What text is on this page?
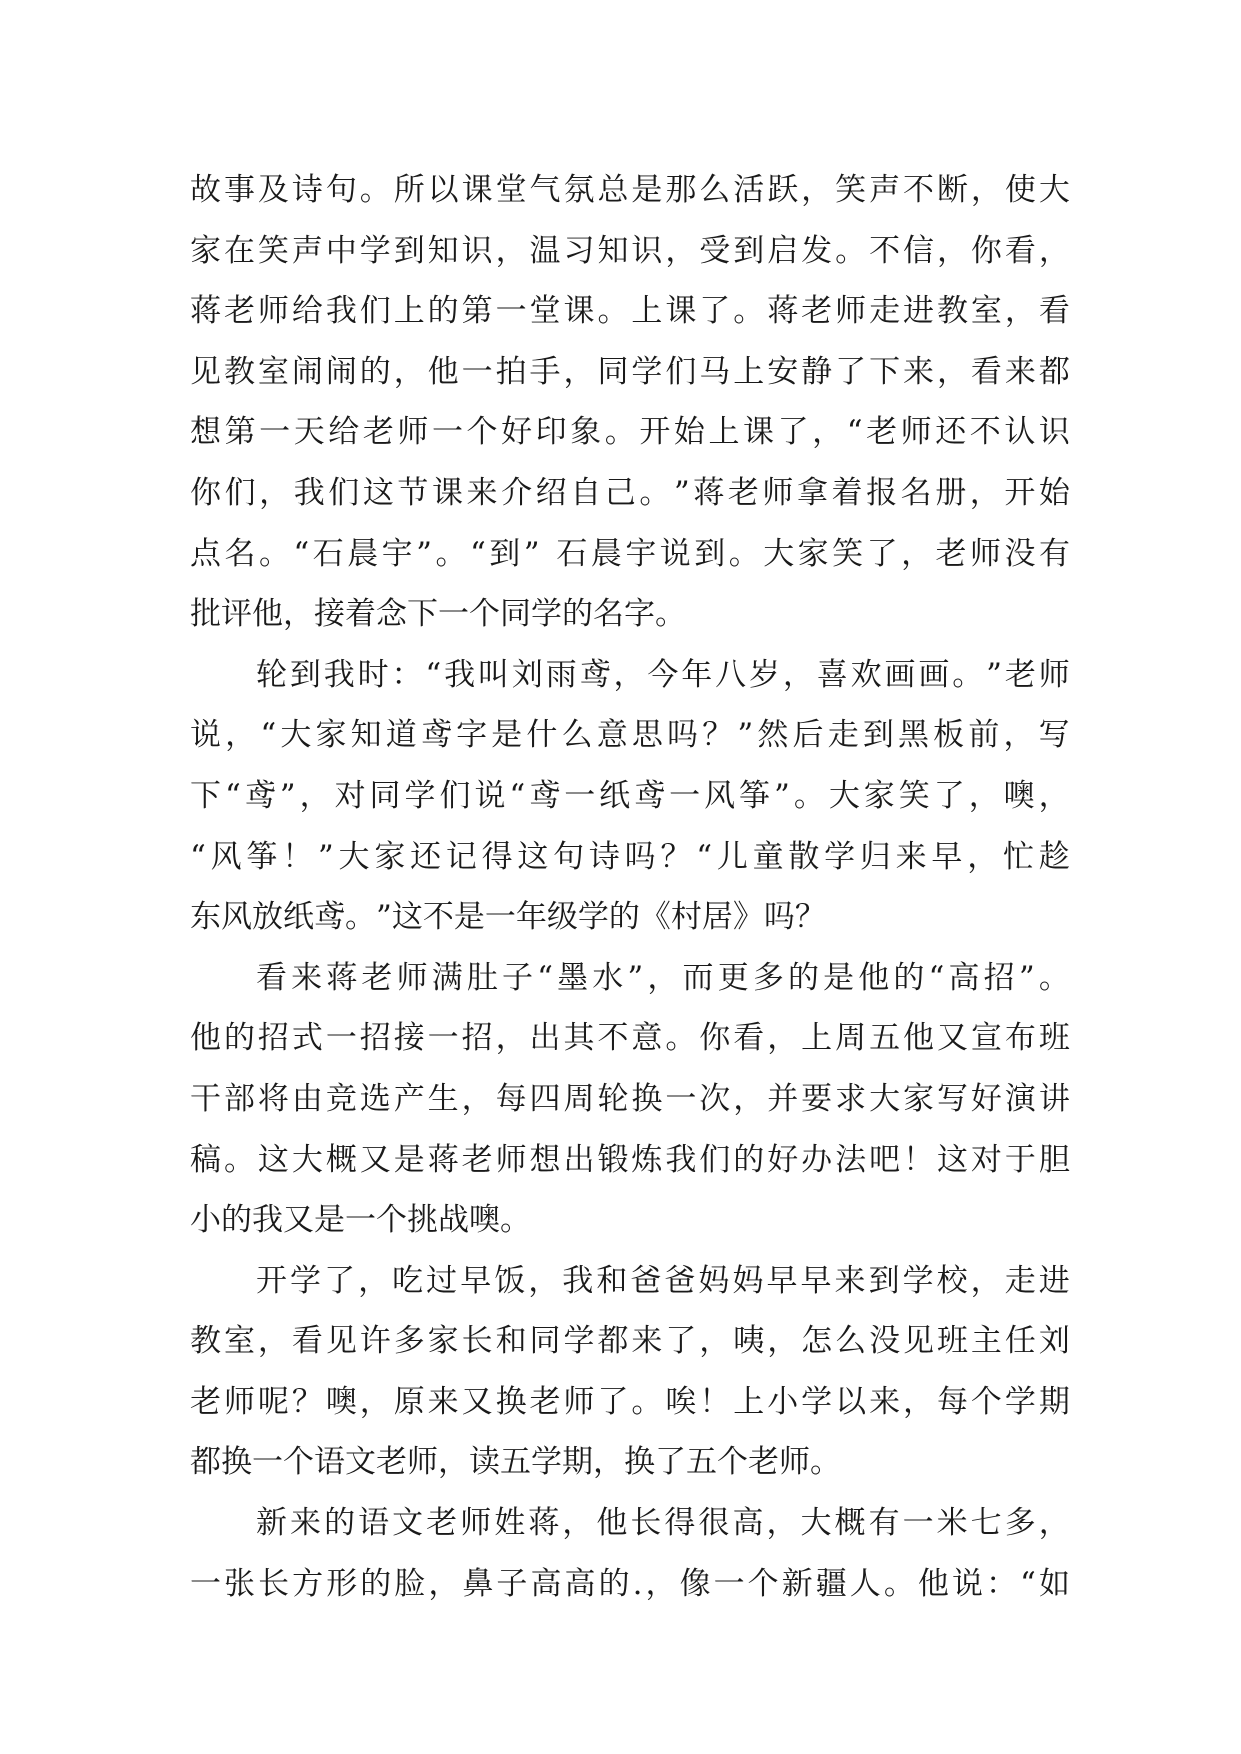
故 事 及 诗 句 。 所 以 课 堂 气 氛 总 是 那 么 活 跃 ， 笑 声 不 断 ， 使 大
家 在 笑 声 中 学 到 知 识 ， 温 习 知 识 ， 受 到 启 发 。 不 信 ， 你 看 ，
蒋 老 师 给 我 们 上 的 第 一 堂 课 。 上 课 了 。 蒋 老 师 走 进 教 室 ， 看
见 教 室 闹 闹 的 ， 他 一 拍 手 ， 同 学 们 马 上 安 静 了 下 来 ， 看 来 都
想 第 一 天 给 老 师 一 个 好 印 象 。 开 始 上 课 了 ， “ 老 师 还 不 认 识
你 们 ， 我 们 这 节 课 来 介 绍 自 己 。 ” 蒋 老 师 拿 着 报 名 册 ， 开 始
点 名 。 “ 石 晨 宇 ” 。 “ 到 ”
石 晨 宇 说 到 。 大 家 笑 了 ， 老 师 没 有
批 评 他 ， 接 着 念 下 一 个 同 学 的 名 字 。
轮 到 我 时 ： “ 我 叫 刘 雨 鸢 ， 今 年 八 岁 ， 喜 欢 画 画 。 ” 老 师
说 ， “ 大 家 知 道 鸢 字 是 什 么 意 思 吗 ？ ” 然 后 走 到 黑 板 前 ， 写
下 “ 鸢 ” ， 对 同 学 们 说 “ 鸢 一 纸 鸢 一 风 筝 ” 。 大 家 笑 了 ， 噢 ，
“ 风 筝 ！ ” 大 家 还 记 得 这 句 诗 吗 ？ “ 儿 童 散 学 归 来 早 ， 忙 趁
东 风 放 纸 鸢 。 ” 这 不 是 一 年 级 学 的 《 村 居 》 吗 ？
看 来 蒋 老 师 满 肚 子 “ 墨 水 ” ， 而 更 多 的 是 他 的 “ 高 招 ” 。
他 的 招 式 一 招 接 一 招 ， 出 其 不 意 。 你 看 ， 上 周 五 他 又 宣 布 班
干 部 将 由 竞 选 产 生 ， 每 四 周 轮 换 一 次 ， 并 要 求 大 家 写 好 演 讲
稿 。 这 大 概 又 是 蒋 老 师 想 出 锻 炼 我 们 的 好 办 法 吧 ！ 这 对 于 胆
小 的 我 又 是 一 个 挑 战 噢 。
开 学 了 ， 吃 过 早 饭 ， 我 和 爸 爸 妈 妈 早 早 来 到 学 校 ， 走 进
教 室 ， 看 见 许 多 家 长 和 同 学 都 来 了 ， 咦 ， 怎 么 没 见 班 主 任 刘
老 师 呢 ？ 噢 ， 原 来 又 换 老 师 了 。 唉 ！ 上 小 学 以 来 ， 每 个 学 期
都 换 一 个 语 文 老 师 ， 读 五 学 期 ， 换 了 五 个 老 师 。
新 来 的 语 文 老 师 姓 蒋 ， 他 长 得 很 高 ， 大 概 有 一 米 七 多 ，
一 张 长 方 形 的 脸 ， 鼻 子 高 高 的 . ， 像 一 个 新 疆 人 。 他 说 ： “ 如
